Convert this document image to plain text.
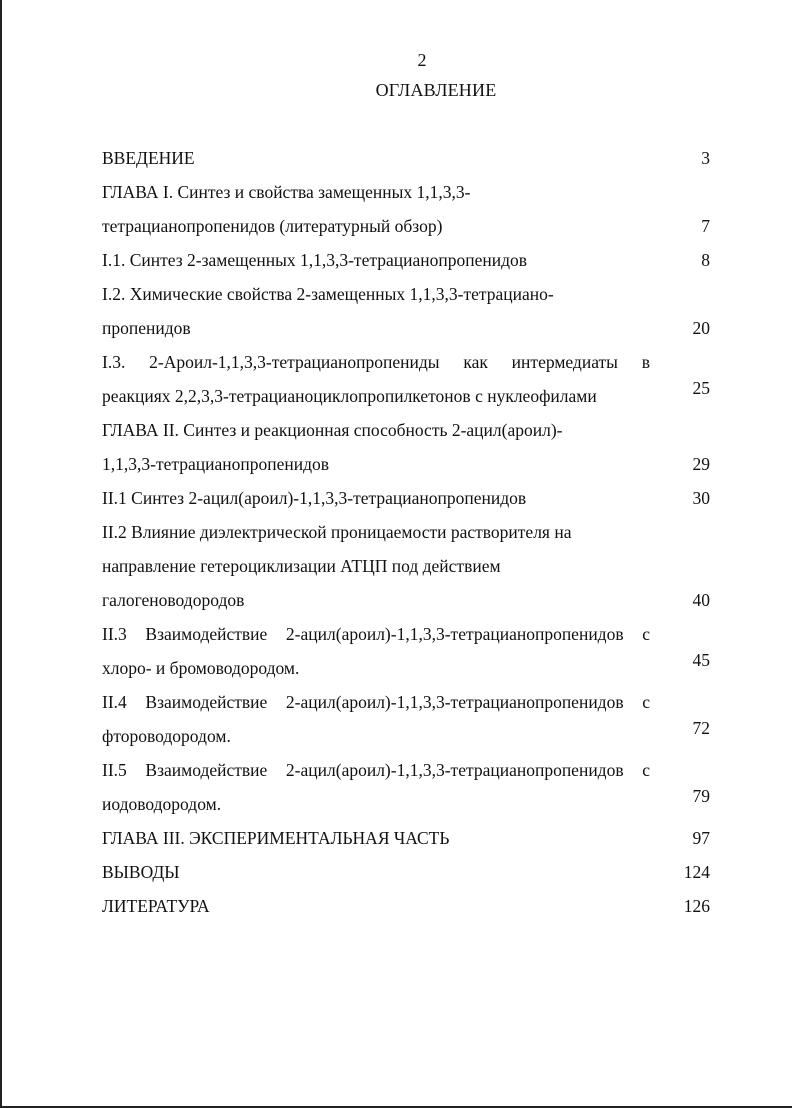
2
ОГЛАВЛЕНИЕ
ВВЕДЕНИЕ	3
ГЛАВА I. Синтез и свойства замещенных 1,1,3,3-
тетрацианопропенидов (литературный обзор)	7
I.1. Синтез 2-замещенных 1,1,3,3-тетрацианопропенидов	8
I.2. Химические свойства 2-замещенных 1,1,3,3-тетрациано-
пропенидов	20
I.3. 2-Ароил-1,1,3,3-тетрацианопропениды как интермедиаты в
реакциях 2,2,3,3-тетрацианоциклопропилкетонов с нуклеофилами	25
ГЛАВА II. Синтез и реакционная способность 2-ацил(ароил)-
1,1,3,3-тетрацианопропенидов	29
II.1 Синтез 2-ацил(ароил)-1,1,3,3-тетрацианопропенидов	30
II.2 Влияние диэлектрической проницаемости растворителя на
направление гетероциклизации АТЦП под действием
галогеноводородов	40
II.3 Взаимодействие 2-ацил(ароил)-1,1,3,3-тетрацианопропенидов с
хлоро- и бромоводородом.	45
II.4 Взаимодействие 2-ацил(ароил)-1,1,3,3-тетрацианопропенидов с
фтороводородом.	72
II.5 Взаимодействие 2-ацил(ароил)-1,1,3,3-тетрацианопропенидов с
иодоводородом.	79
ГЛАВА III. ЭКСПЕРИМЕНТАЛЬНАЯ ЧАСТЬ	97
ВЫВОДЫ	124
ЛИТЕРАТУРА	126
